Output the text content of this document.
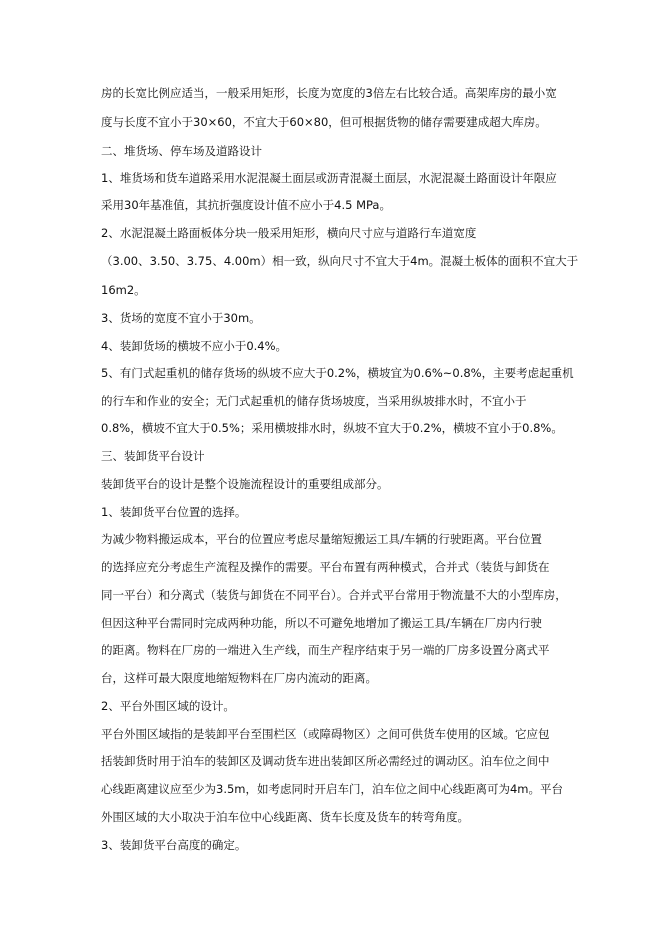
房的长宽比例应适当，一般采用矩形，长度为宽度的3倍左右比较合适。高架库房的最小宽
度与长度不宜小于30×60，不宜大于60×80，但可根据货物的储存需要建成超大库房。
二、堆货场、停车场及道路设计
1、堆货场和货车道路采用水泥混凝土面层或沥青混凝土面层，水泥混凝土路面设计年限应
采用30年基准值，其抗折强度设计值不应小于4.5 MPa。
2、水泥混凝土路面板体分块一般采用矩形，横向尺寸应与道路行车道宽度
（3.00、3.50、3.75、4.00m）相一致，纵向尺寸不宜大于4m。混凝土板体的面积不宜大于
16m2。
3、货场的宽度不宜小于30m。
4、装卸货场的横坡不应小于0.4%。
5、有门式起重机的储存货场的纵坡不应大于0.2%，横坡宜为0.6%~0.8%，主要考虑起重机
的行车和作业的安全；无门式起重机的储存货场坡度，当采用纵坡排水时，不宜小于
0.8%，横坡不宜大于0.5%；采用横坡排水时，纵坡不宜大于0.2%，横坡不宜小于0.8%。
三、装卸货平台设计
装卸货平台的设计是整个设施流程设计的重要组成部分。
1、装卸货平台位置的选择。
为减少物料搬运成本，平台的位置应考虑尽量缩短搬运工具/车辆的行驶距离。平台位置
的选择应充分考虑生产流程及操作的需要。平台布置有两种模式，合并式（装货与卸货在
同一平台）和分离式（装货与卸货在不同平台）。合并式平台常用于物流量不大的小型库房，
但因这种平台需同时完成两种功能，所以不可避免地增加了搬运工具/车辆在厂房内行驶
的距离。物料在厂房的一端进入生产线，而生产程序结束于另一端的厂房多设置分离式平
台，这样可最大限度地缩短物料在厂房内流动的距离。
2、平台外围区域的设计。
平台外围区域指的是装卸平台至围栏区（或障碍物区）之间可供货车使用的区域。它应包
括装卸货时用于泊车的装卸区及调动货车进出装卸区所必需经过的调动区。泊车位之间中
心线距离建议应至少为3.5m，如考虑同时开启车门，泊车位之间中心线距离可为4m。平台
外围区域的大小取决于泊车位中心线距离、货车长度及货车的转弯角度。
3、装卸货平台高度的确定。
